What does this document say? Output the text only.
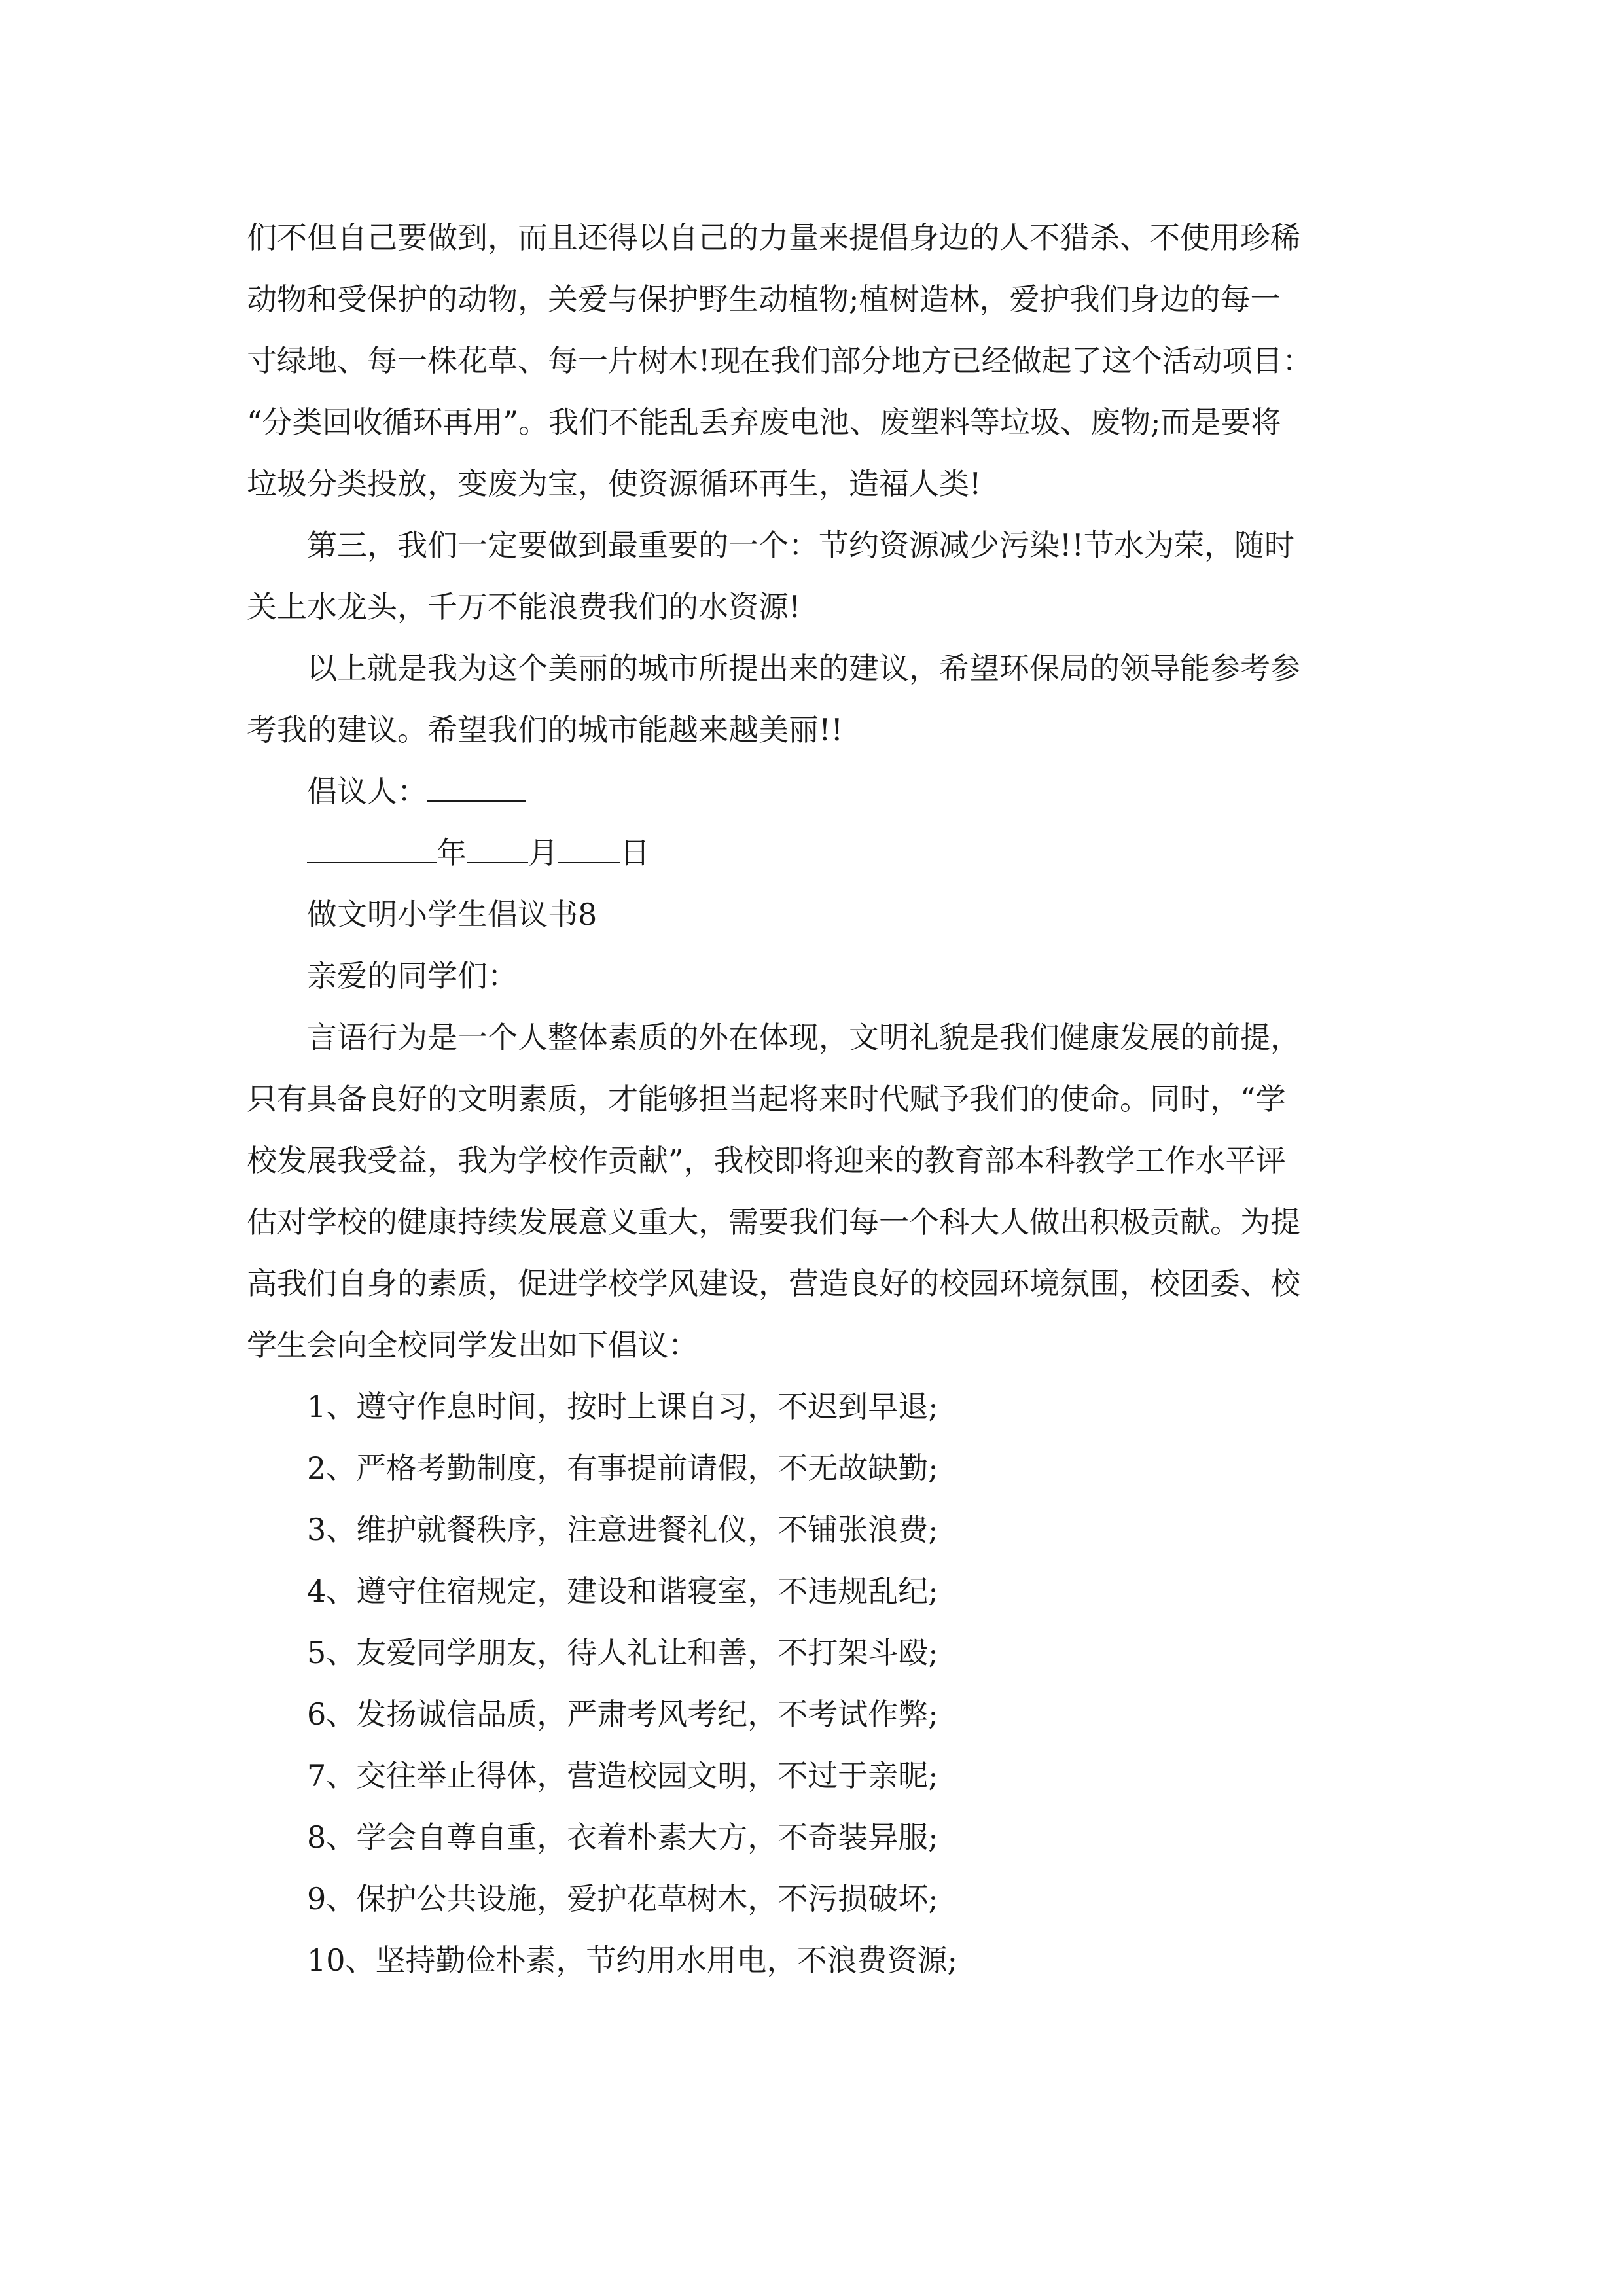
们不但自己要做到，而且还得以自己的力量来提倡身边的人不猎杀、不使用珍稀
动物和受保护的动物，关爱与保护野生动植物;植树造林，爱护我们身边的每一
寸绿地、每一株花草、每一片树木!现在我们部分地方已经做起了这个活动项目：
“分类回收循环再用”。我们不能乱丢弃废电池、废塑料等垃圾、废物;而是要将
垃圾分类投放，变废为宝，使资源循环再生，造福人类!

第三，我们一定要做到最重要的一个：节约资源减少污染!!节水为荣，随时
关上水龙头，千万不能浪费我们的水资源!

以上就是我为这个美丽的城市所提出来的建议，希望环保局的领导能参考参
考我的建议。希望我们的城市能越来越美丽!!

倡议人：

年 月 日

做文明小学生倡议书8

亲爱的同学们：

言语行为是一个人整体素质的外在体现，文明礼貌是我们健康发展的前提，
只有具备良好的文明素质，才能够担当起将来时代赋予我们的使命。同时，“学
校发展我受益，我为学校作贡献”，我校即将迎来的教育部本科教学工作水平评
估对学校的健康持续发展意义重大，需要我们每一个科大人做出积极贡献。为提
高我们自身的素质，促进学校学风建设，营造良好的校园环境氛围，校团委、校
学生会向全校同学发出如下倡议：

1、遵守作息时间，按时上课自习，不迟到早退;

2、严格考勤制度，有事提前请假，不无故缺勤;

3、维护就餐秩序，注意进餐礼仪，不铺张浪费;

4、遵守住宿规定，建设和谐寝室，不违规乱纪;

5、友爱同学朋友，待人礼让和善，不打架斗殴;

6、发扬诚信品质，严肃考风考纪，不考试作弊;

7、交往举止得体，营造校园文明，不过于亲昵;

8、学会自尊自重，衣着朴素大方，不奇装异服;

9、保护公共设施，爱护花草树木，不污损破坏;

10、坚持勤俭朴素，节约用水用电，不浪费资源;
